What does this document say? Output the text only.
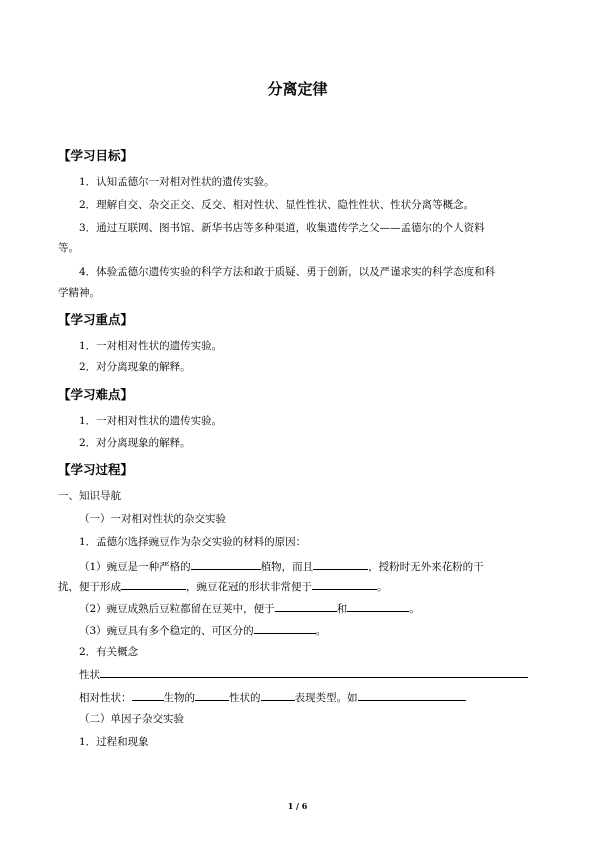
分离定律
【学习目标】
1．认知孟德尔一对相对性状的遗传实验。
2．理解自交、杂交正交、反交、相对性状、显性性状、隐性性状、性状分离等概念。
3．通过互联网、图书馆、新华书店等多种渠道，收集遗传学之父——孟德尔的个人资料
等。
4．体验孟德尔遗传实验的科学方法和敢于质疑、勇于创新，以及严谨求实的科学态度和科
学精神。
【学习重点】
1．一对相对性状的遗传实验。
2．对分离现象的解释。
【学习难点】
1．一对相对性状的遗传实验。
2．对分离现象的解释。
【学习过程】
一、知识导航
（一）一对相对性状的杂交实验
1．孟德尔选择豌豆作为杂交实验的材料的原因：
（1）豌豆是一种严格的	植物，而且	，授粉时无外来花粉的干
扰，便于形成	，豌豆花冠的形状非常便于	。
（2）豌豆成熟后豆粒都留在豆荚中，便于	和	。
（3）豌豆具有多个稳定的、可区分的	。
2．有关概念
性状
相对性状：	生物的	性状的	表现类型。如
（二）单因子杂交实验
1．过程和现象
1 / 6
